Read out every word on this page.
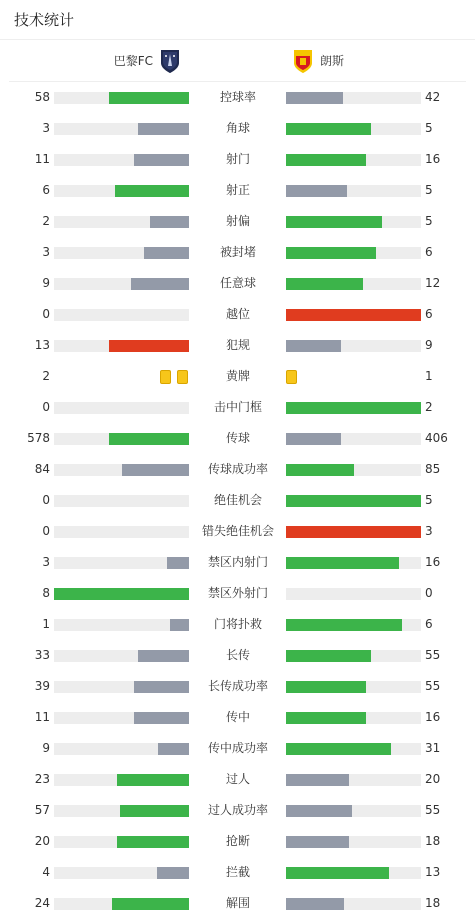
技术统计
巴黎FC	朗斯
58	控球率	42
3	角球	5
11	射门	16
6	射正	5
2	射偏	5
3	被封堵	6
9	任意球	12
0	越位	6
13	犯规	9
2	黄牌	1
0	击中门框	2
578	传球	406
84	传球成功率	85
0	绝佳机会	5
0	错失绝佳机会	3
3	禁区内射门	16
8	禁区外射门	0
1	门将扑救	6
33	长传	55
39	长传成功率	55
11	传中	16
9	传中成功率	31
23	过人	20
57	过人成功率	55
20	抢断	18
4	拦截	13
24	解围	18
